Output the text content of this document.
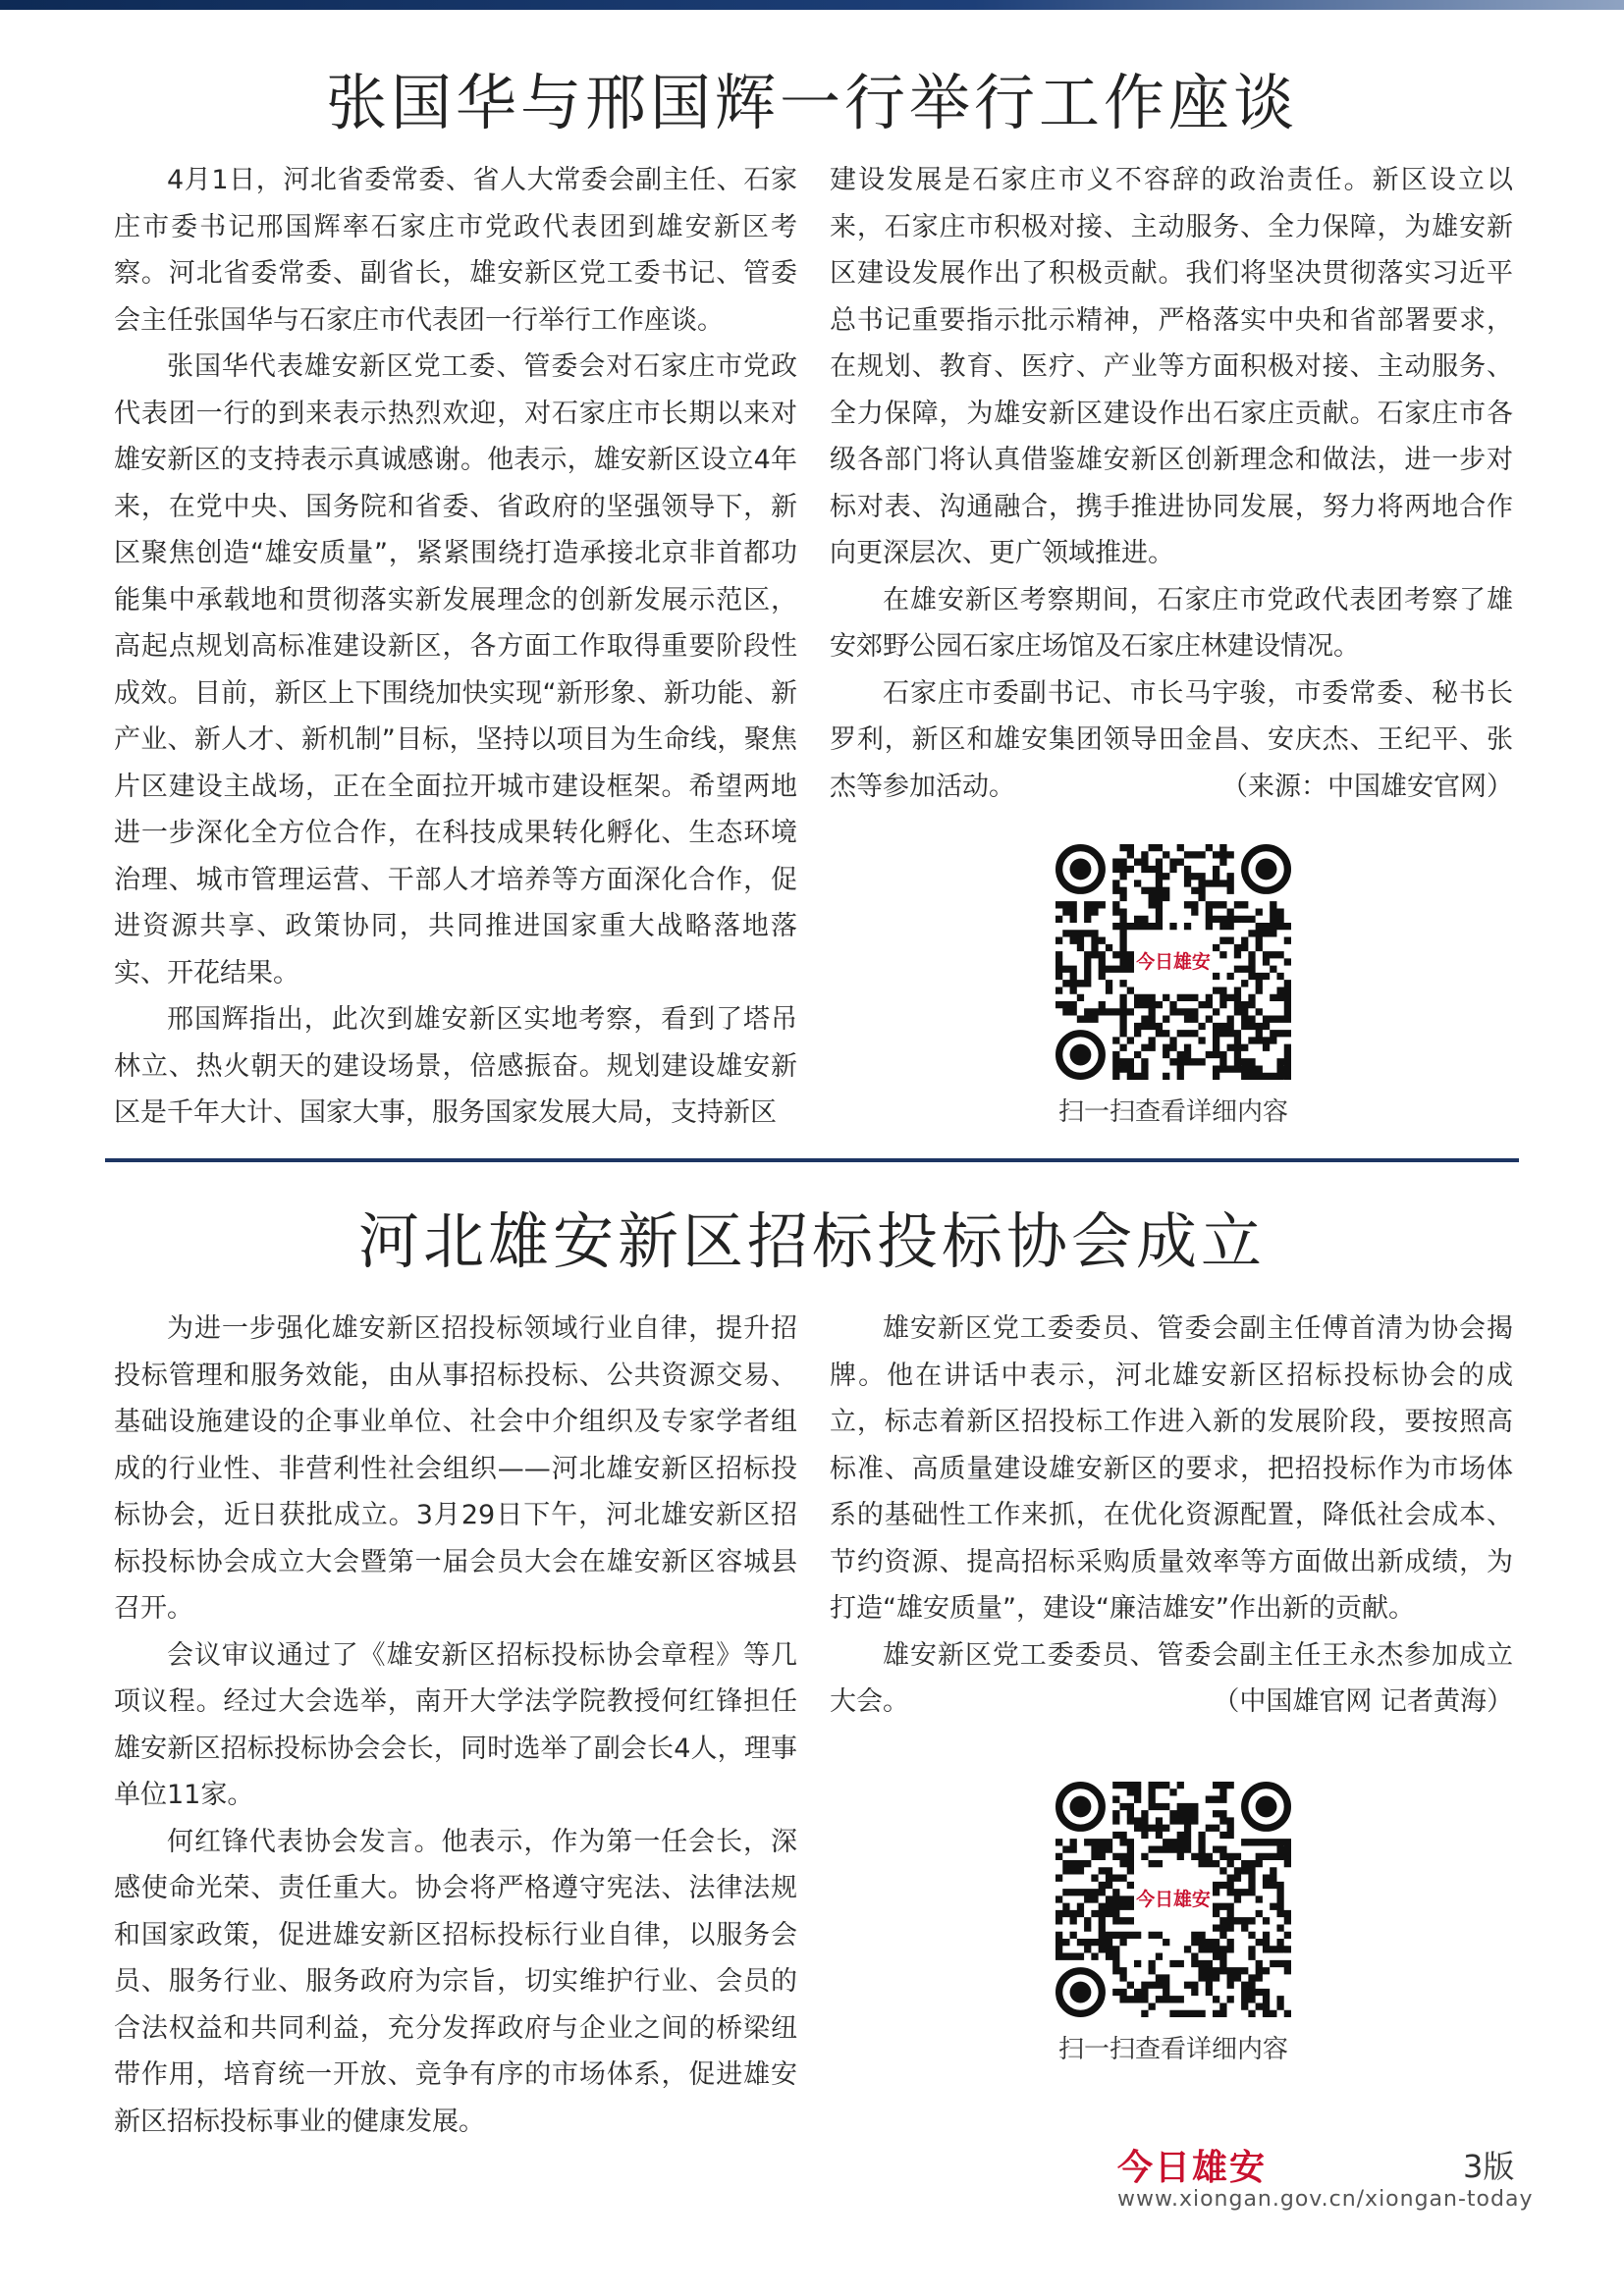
张国华与邢国辉一行举行工作座谈

4月1日，河北省委常委、省人大常委会副主任、石家庄市委书记邢国辉率石家庄市党政代表团到雄安新区考察。河北省委常委、副省长，雄安新区党工委书记、管委会主任张国华与石家庄市代表团一行举行工作座谈。

张国华代表雄安新区党工委、管委会对石家庄市党政代表团一行的到来表示热烈欢迎，对石家庄市长期以来对雄安新区的支持表示真诚感谢。他表示，雄安新区设立4年来，在党中央、国务院和省委、省政府的坚强领导下，新区聚焦创造“雄安质量”，紧紧围绕打造承接北京非首都功能集中承载地和贯彻落实新发展理念的创新发展示范区，高起点规划高标准建设新区，各方面工作取得重要阶段性成效。目前，新区上下围绕加快实现“新形象、新功能、新产业、新人才、新机制”目标，坚持以项目为生命线，聚焦片区建设主战场，正在全面拉开城市建设框架。希望两地进一步深化全方位合作，在科技成果转化孵化、生态环境治理、城市管理运营、干部人才培养等方面深化合作，促进资源共享、政策协同，共同推进国家重大战略落地落实、开花结果。

邢国辉指出，此次到雄安新区实地考察，看到了塔吊林立、热火朝天的建设场景，倍感振奋。规划建设雄安新区是千年大计、国家大事，服务国家发展大局，支持新区

建设发展是石家庄市义不容辞的政治责任。新区设立以来，石家庄市积极对接、主动服务、全力保障，为雄安新区建设发展作出了积极贡献。我们将坚决贯彻落实习近平总书记重要指示批示精神，严格落实中央和省部署要求，在规划、教育、医疗、产业等方面积极对接、主动服务、全力保障，为雄安新区建设作出石家庄贡献。石家庄市各级各部门将认真借鉴雄安新区创新理念和做法，进一步对标对表、沟通融合，携手推进协同发展，努力将两地合作向更深层次、更广领域推进。

在雄安新区考察期间，石家庄市党政代表团考察了雄安郊野公园石家庄场馆及石家庄林建设情况。

石家庄市委副书记、市长马宇骏，市委常委、秘书长罗利，新区和雄安集团领导田金昌、安庆杰、王纪平、张杰等参加活动。	（来源：中国雄安官网）

今日雄安
扫一扫查看详细内容
河北雄安新区招标投标协会成立

为进一步强化雄安新区招投标领域行业自律，提升招投标管理和服务效能，由从事招标投标、公共资源交易、基础设施建设的企事业单位、社会中介组织及专家学者组成的行业性、非营利性社会组织——河北雄安新区招标投标协会，近日获批成立。3月29日下午，河北雄安新区招标投标协会成立大会暨第一届会员大会在雄安新区容城县召开。

会议审议通过了《雄安新区招标投标协会章程》等几项议程。经过大会选举，南开大学法学院教授何红锋担任雄安新区招标投标协会会长，同时选举了副会长4人，理事单位11家。

何红锋代表协会发言。他表示，作为第一任会长，深感使命光荣、责任重大。协会将严格遵守宪法、法律法规和国家政策，促进雄安新区招标投标行业自律，以服务会员、服务行业、服务政府为宗旨，切实维护行业、会员的合法权益和共同利益，充分发挥政府与企业之间的桥梁纽带作用，培育统一开放、竞争有序的市场体系，促进雄安新区招标投标事业的健康发展。

雄安新区党工委委员、管委会副主任傅首清为协会揭牌。他在讲话中表示，河北雄安新区招标投标协会的成立，标志着新区招投标工作进入新的发展阶段，要按照高标准、高质量建设雄安新区的要求，把招投标作为市场体系的基础性工作来抓，在优化资源配置，降低社会成本、节约资源、提高招标采购质量效率等方面做出新成绩，为打造“雄安质量”，建设“廉洁雄安”作出新的贡献。

雄安新区党工委委员、管委会副主任王永杰参加成立大会。	（中国雄官网 记者黄海）

今日雄安
扫一扫查看详细内容
今日雄安	3版
www.xiongan.gov.cn/xiongan-today
